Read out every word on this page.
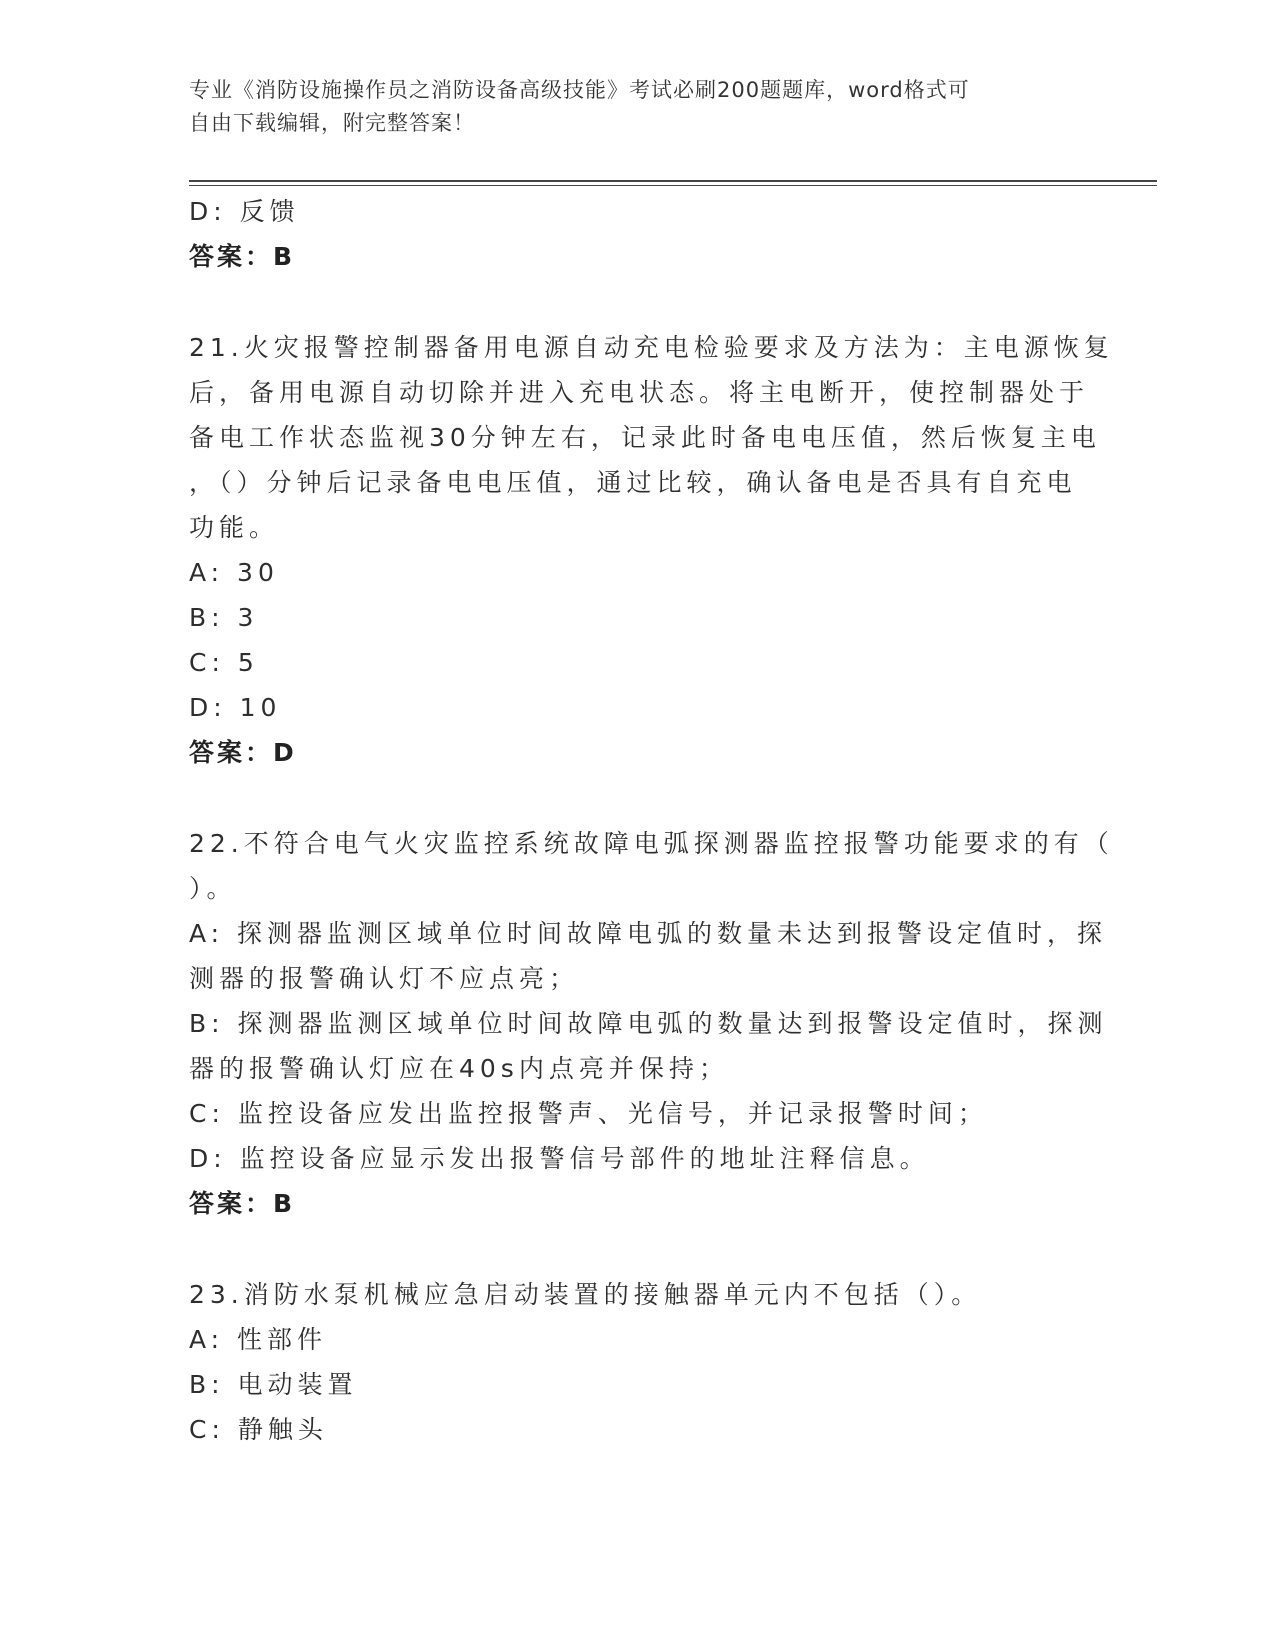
专业《消防设施操作员之消防设备高级技能》考试必刷200题题库，word格式可
自由下载编辑，附完整答案！
D: 反馈
答案：B
21.火灾报警控制器备用电源自动充电检验要求及方法为：主电源恢复
后，备用电源自动切除并进入充电状态。将主电断开，使控制器处于
备电工作状态监视30分钟左右，记录此时备电电压值，然后恢复主电
，（）分钟后记录备电电压值，通过比较，确认备电是否具有自充电
功能。
A: 30
B: 3
C: 5
D: 10
答案：D
22.不符合电气火灾监控系统故障电弧探测器监控报警功能要求的有（
）。
A: 探测器监测区域单位时间故障电弧的数量未达到报警设定值时，探
测器的报警确认灯不应点亮；
B: 探测器监测区域单位时间故障电弧的数量达到报警设定值时，探测
器的报警确认灯应在40s内点亮并保持；
C: 监控设备应发出监控报警声、光信号，并记录报警时间；
D: 监控设备应显示发出报警信号部件的地址注释信息。
答案：B
23.消防水泵机械应急启动装置的接触器单元内不包括（）。
A: 性部件
B: 电动装置
C: 静触头
